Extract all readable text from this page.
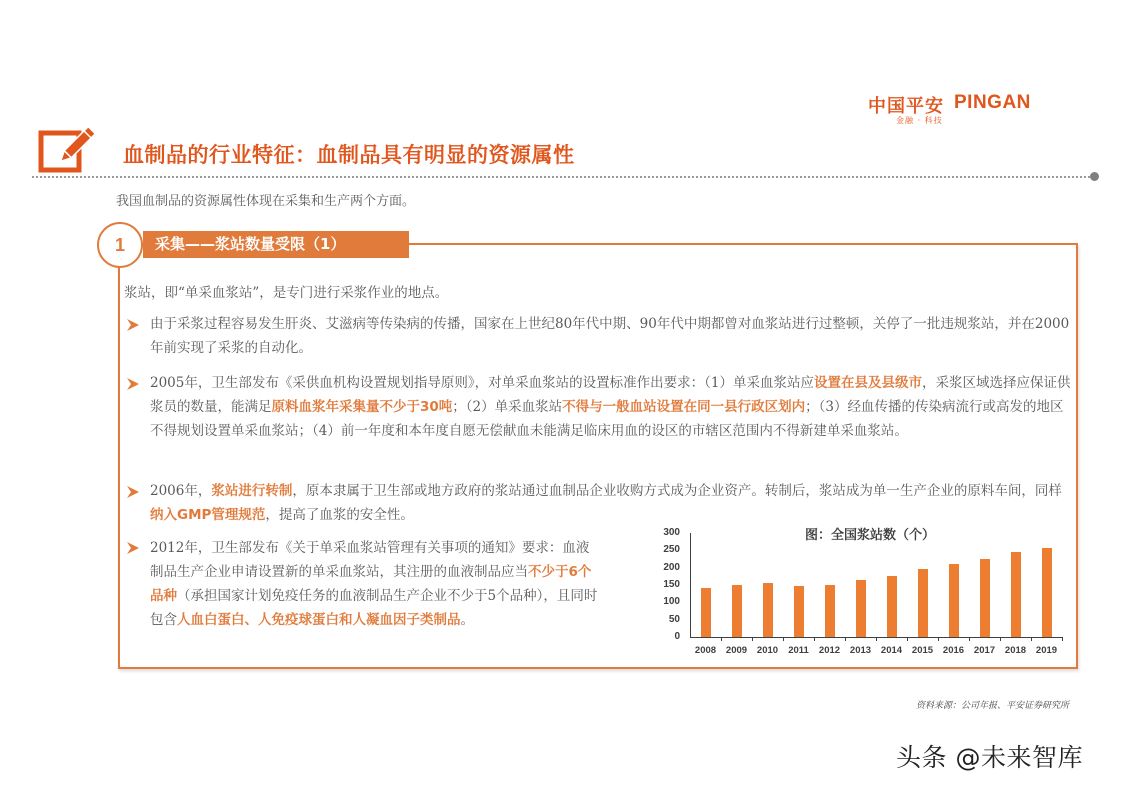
中国平安 PINGAN
金融 · 科技
血制品的行业特征：血制品具有明显的资源属性
我国血制品的资源属性体现在采集和生产两个方面。
1	采集——浆站数量受限（1）
浆站，即“单采血浆站”，是专门进行采浆作业的地点。
由于采浆过程容易发生肝炎、艾滋病等传染病的传播，国家在上世纪80年代中期、90年代中期都曾对血浆站进行过整顿，关停了一批违规浆站，并在2000年前实现了采浆的自动化。
2005年，卫生部发布《采供血机构设置规划指导原则》，对单采血浆站的设置标准作出要求：（1）单采血浆站应设置在县及县级市，采浆区域选择应保证供浆员的数量，能满足原料血浆年采集量不少于30吨；（2）单采血浆站不得与一般血站设置在同一县行政区划内；（3）经血传播的传染病流行或高发的地区不得规划设置单采血浆站；（4）前一年度和本年度自愿无偿献血未能满足临床用血的设区的市辖区范围内不得新建单采血浆站。
2006年，浆站进行转制，原本隶属于卫生部或地方政府的浆站通过血制品企业收购方式成为企业资产。转制后，浆站成为单一生产企业的原料车间，同样纳入GMP管理规范，提高了血浆的安全性。
2012年，卫生部发布《关于单采血浆站管理有关事项的通知》要求：血液制品生产企业申请设置新的单采血浆站，其注册的血液制品应当不少于6个品种（承担国家计划免疫任务的血液制品生产企业不少于5个品种），且同时包含人血白蛋白、人免疫球蛋白和人凝血因子类制品。
图：全国浆站数（个）
300
250
200
150
100
50
0
2008	2009	2010	2011	2012	2013	2014	2015	2016	2017	2018	2019
资料来源：公司年报、平安证券研究所
头条 @未来智库
